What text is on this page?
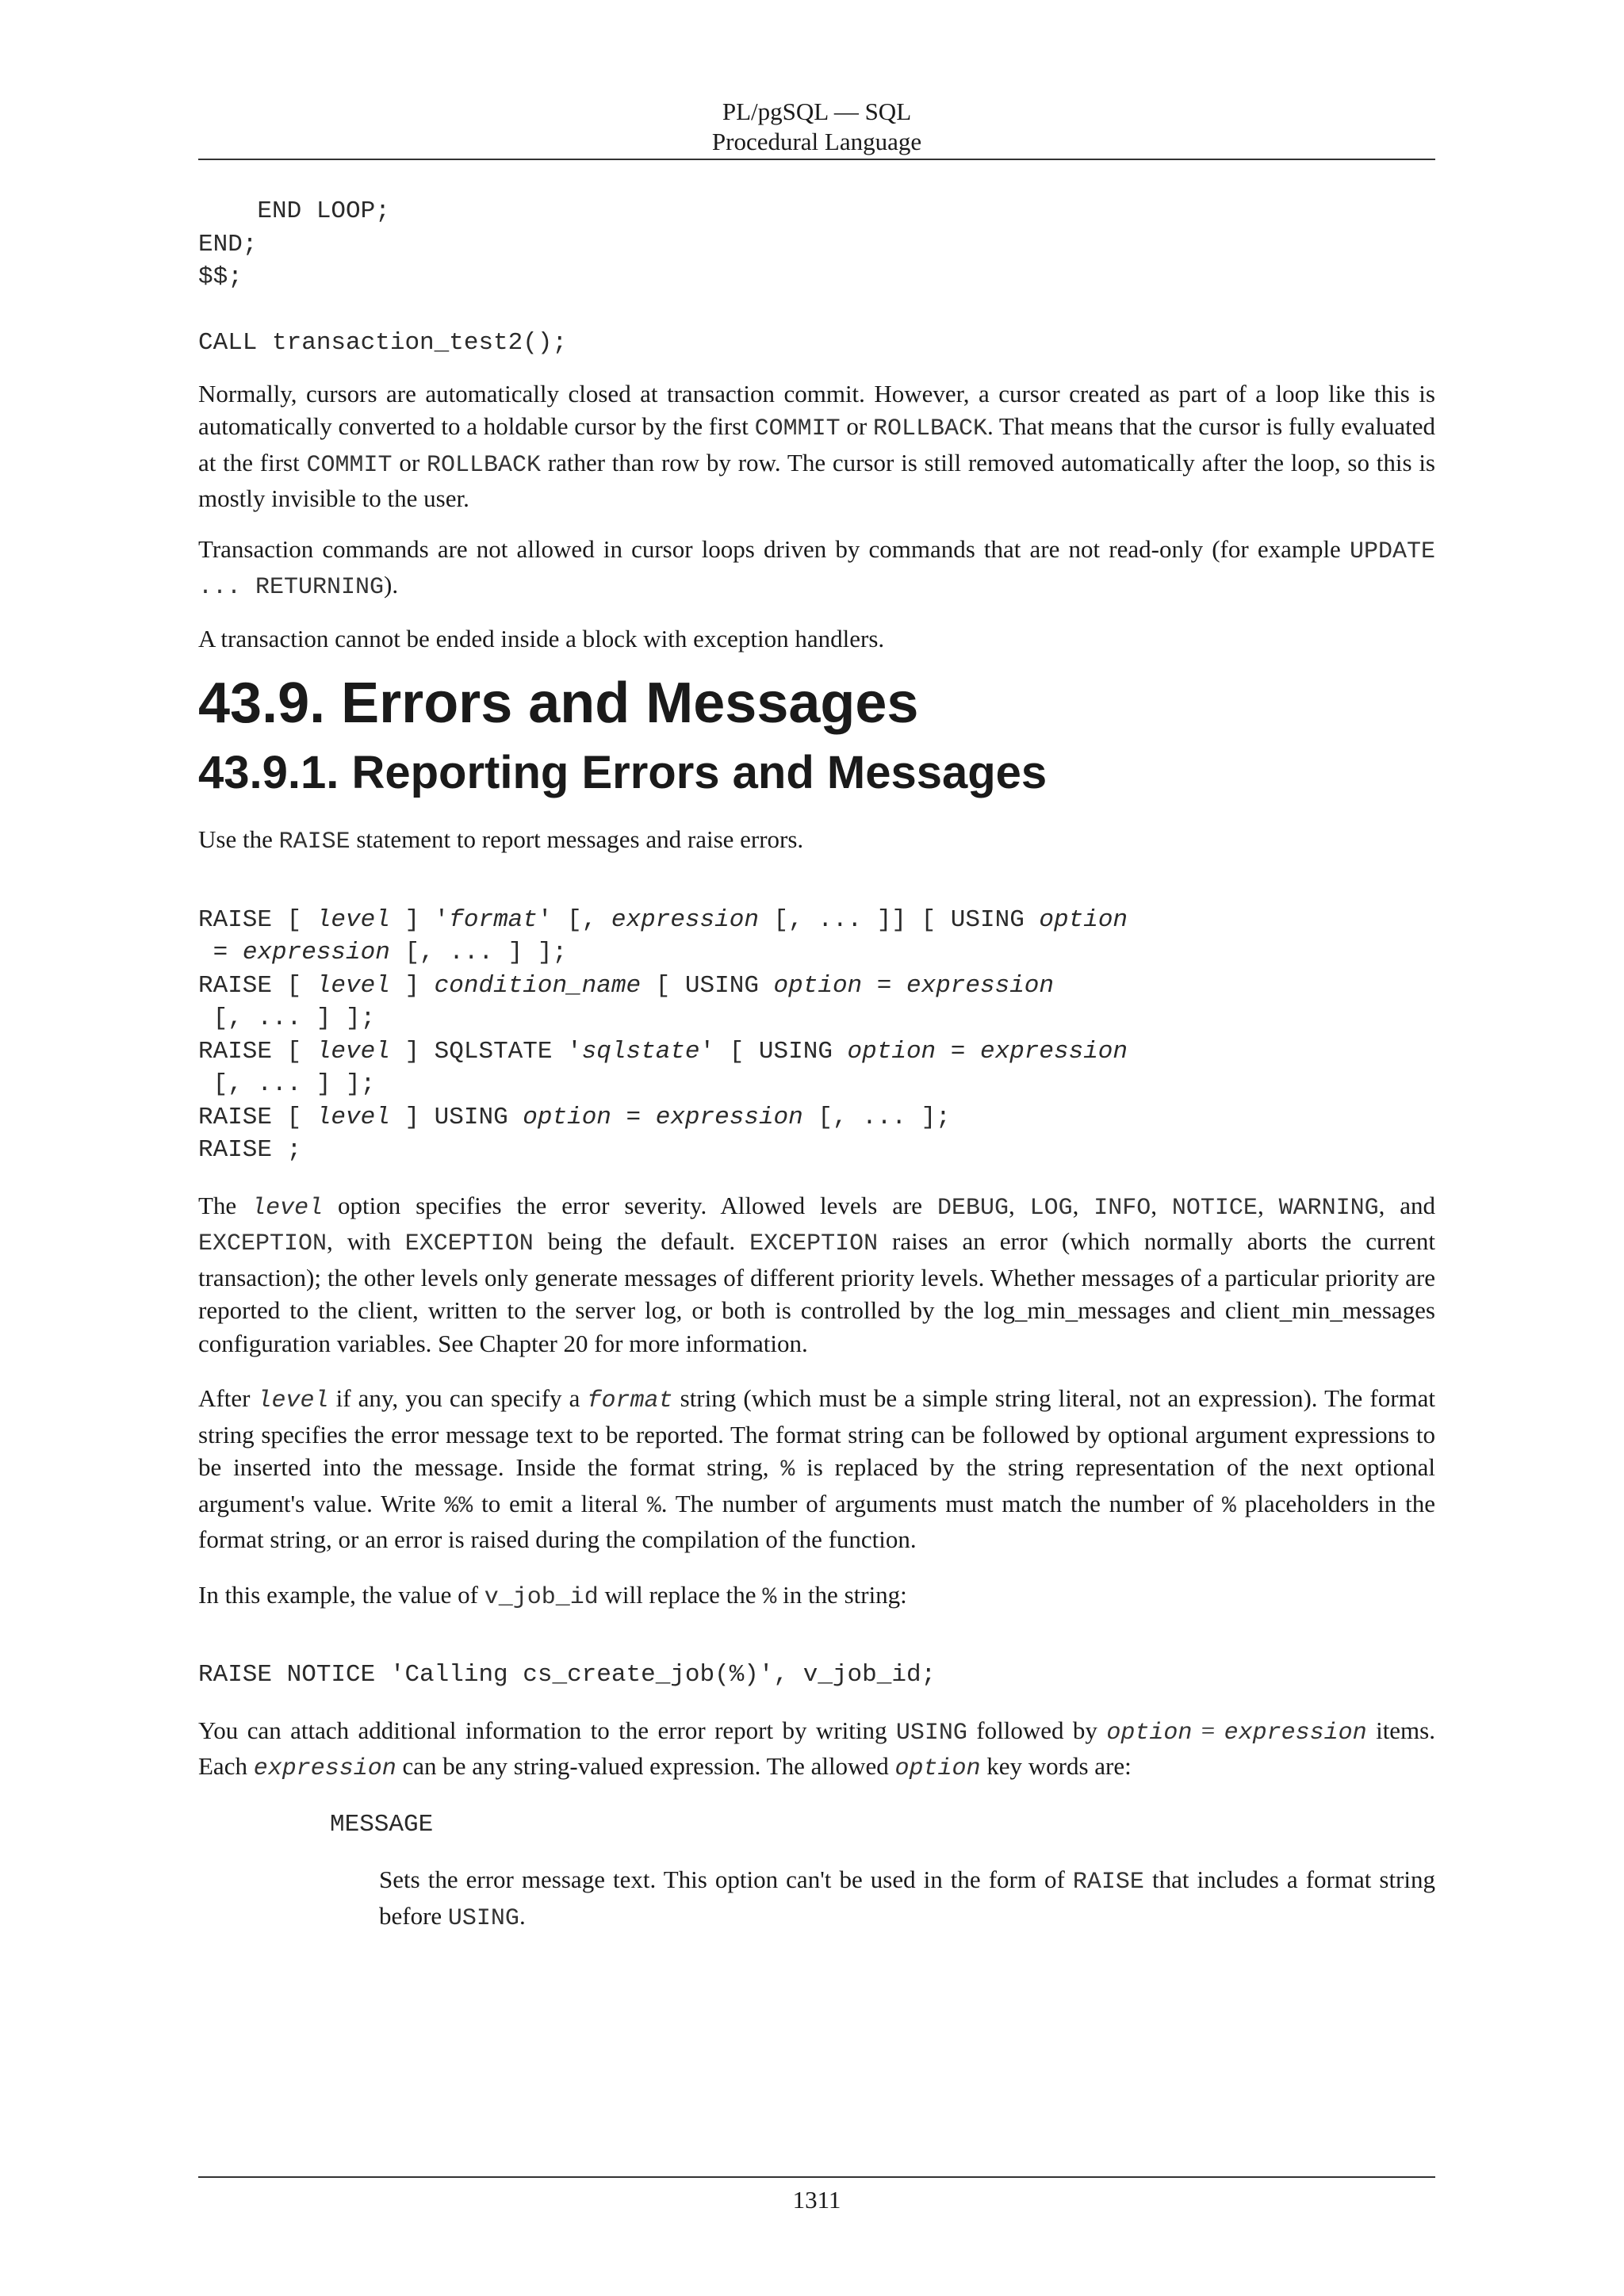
PL/pgSQL — SQL
Procedural Language
END LOOP;
END;
$$;

CALL transaction_test2();

Normally, cursors are automatically closed at transaction commit. However, a cursor created as part of a loop like this is automatically converted to a holdable cursor by the first COMMIT or ROLLBACK. That means that the cursor is fully evaluated at the first COMMIT or ROLLBACK rather than row by row. The cursor is still removed automatically after the loop, so this is mostly invisible to the user.

Transaction commands are not allowed in cursor loops driven by commands that are not read-only (for example UPDATE ... RETURNING).

A transaction cannot be ended inside a block with exception handlers.

43.9. Errors and Messages
43.9.1. Reporting Errors and Messages

Use the RAISE statement to report messages and raise errors.

RAISE [ level ] 'format' [, expression [, ... ]] [ USING option
= expression [, ... ] ];
RAISE [ level ] condition_name [ USING option = expression
[, ... ] ];
RAISE [ level ] SQLSTATE 'sqlstate' [ USING option = expression
[, ... ] ];
RAISE [ level ] USING option = expression [, ... ];
RAISE ;

The level option specifies the error severity. Allowed levels are DEBUG, LOG, INFO, NOTICE, WARNING, and EXCEPTION, with EXCEPTION being the default. EXCEPTION raises an error (which normally aborts the current transaction); the other levels only generate messages of different priority levels. Whether messages of a particular priority are reported to the client, written to the server log, or both is controlled by the log_min_messages and client_min_messages configuration variables. See Chapter 20 for more information.

After level if any, you can specify a format string (which must be a simple string literal, not an expression). The format string specifies the error message text to be reported. The format string can be followed by optional argument expressions to be inserted into the message. Inside the format string, % is replaced by the string representation of the next optional argument's value. Write %% to emit a literal %. The number of arguments must match the number of % placeholders in the format string, or an error is raised during the compilation of the function.

In this example, the value of v_job_id will replace the % in the string:

RAISE NOTICE 'Calling cs_create_job(%)', v_job_id;

You can attach additional information to the error report by writing USING followed by option = expression items. Each expression can be any string-valued expression. The allowed option key words are:

MESSAGE

Sets the error message text. This option can't be used in the form of RAISE that includes a format string before USING.

1311
